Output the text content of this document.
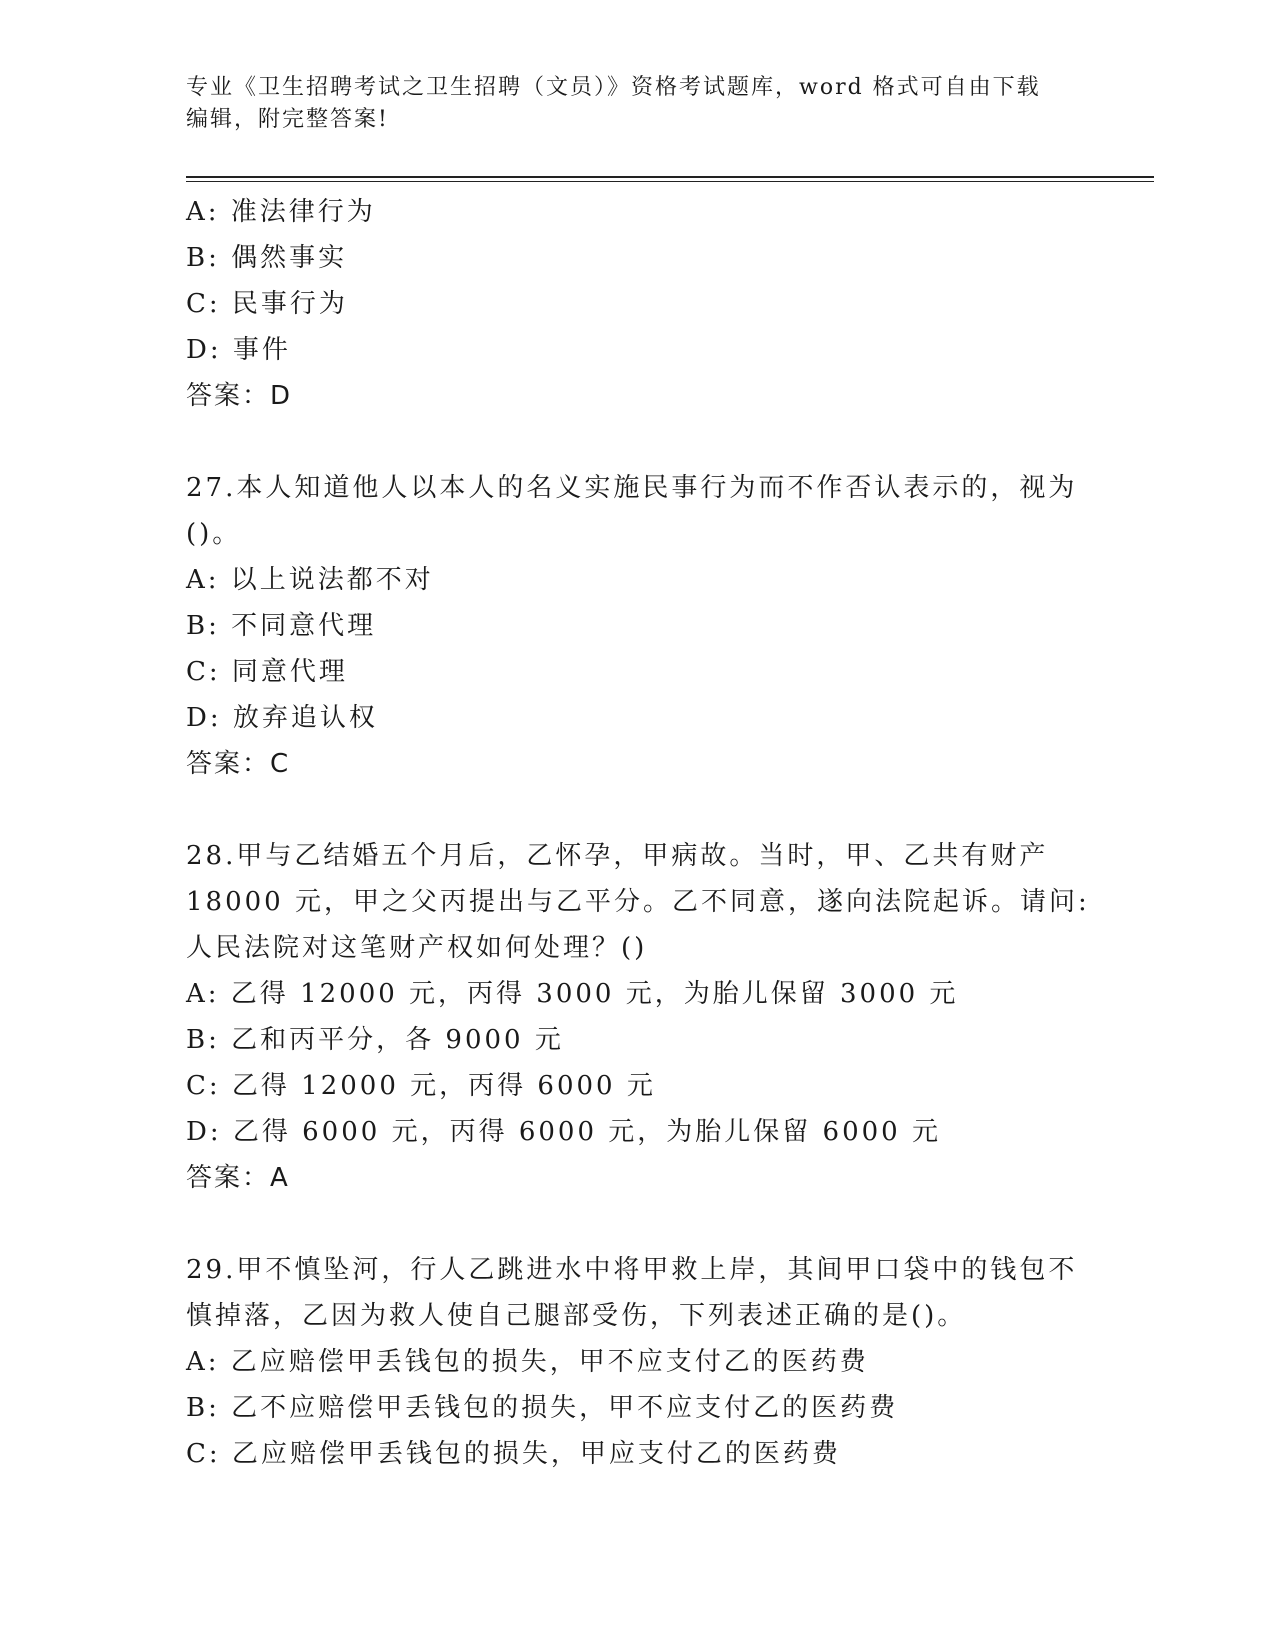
专业《卫生招聘考试之卫生招聘（文员）》资格考试题库，word 格式可自由下载
编辑，附完整答案!
A: 准法律行为
B: 偶然事实
C: 民事行为
D: 事件
答案：D
27.本人知道他人以本人的名义实施民事行为而不作否认表示的，视为
()。
A: 以上说法都不对
B: 不同意代理
C: 同意代理
D: 放弃追认权
答案：C
28.甲与乙结婚五个月后，乙怀孕，甲病故。当时，甲、乙共有财产
18000 元，甲之父丙提出与乙平分。乙不同意，遂向法院起诉。请问:
人民法院对这笔财产权如何处理？()
A: 乙得 12000 元，丙得 3000 元，为胎儿保留 3000 元
B: 乙和丙平分，各 9000 元
C: 乙得 12000 元，丙得 6000 元
D: 乙得 6000 元，丙得 6000 元，为胎儿保留 6000 元
答案：A
29.甲不慎坠河，行人乙跳进水中将甲救上岸，其间甲口袋中的钱包不
慎掉落，乙因为救人使自己腿部受伤，下列表述正确的是()。
A: 乙应赔偿甲丢钱包的损失，甲不应支付乙的医药费
B: 乙不应赔偿甲丢钱包的损失，甲不应支付乙的医药费
C: 乙应赔偿甲丢钱包的损失，甲应支付乙的医药费
